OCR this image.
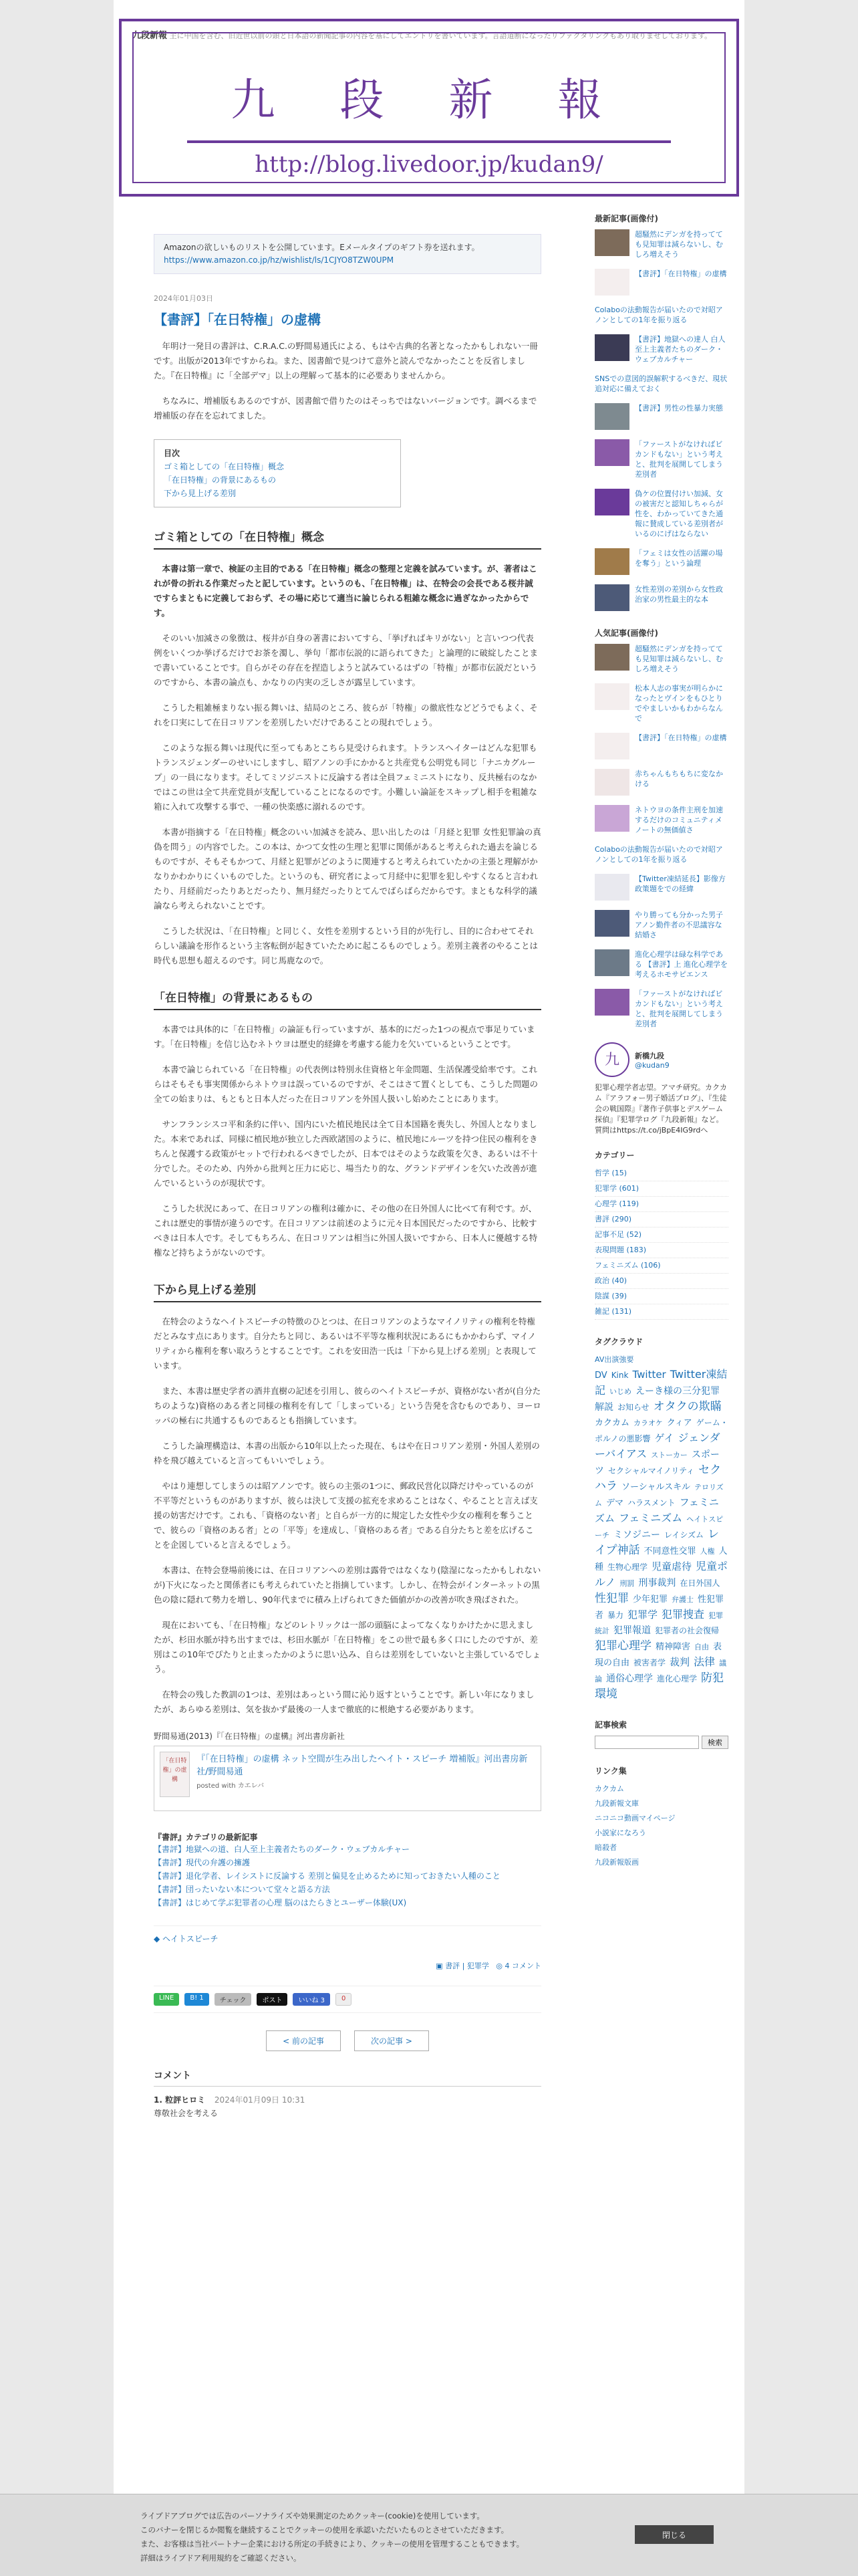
九段新報 主に中国を含む、旧近世以前の頭と日本語の新聞記事の内容を基にしてエントリを書いています。言語道断になったリファクタリングもあり取りませしております。
九 段 新 報
http://blog.livedoor.jp/kudan9/
Amazonの欲しいものリストを公開しています。Eメールタイプのギフト券を送れます。
https://www.amazon.co.jp/hz/wishlist/ls/1CJYO8TZW0UPM
2024年01月03日
【書評】「在日特権」の虚構

年明け一発目の書評は、C.R.A.C.の野間易通氏による、もはや古典的名著となったかもしれない一冊です。出版が2013年ですからね。また、図書館で見つけて意外と読んでなかったことを反省しました。『在日特権』に「全部デマ」以上の理解って基本的に必要ありませんから。

ちなみに、増補版もあるのですが、図書館で借りたのはそっちではないバージョンです。調べるまで増補版の存在を忘れてました。

目次
ゴミ箱としての「在日特権」概念
「在日特権」の背景にあるもの
下から見上げる差別
ゴミ箱としての「在日特権」概念

本書は第一章で、検証の主目的である「在日特権」概念の整理と定義を試みています。が、著者はこれが骨の折れる作業だったと記しています。というのも、「在日特権」は、在特会の会長である桜井誠ですらまともに定義しておらず、その場に応じて適当に論じられる粗雑な概念に過ぎなかったからです。

そのいい加減さの象徴は、桜井が自身の著書においてすら、「挙げればキリがない」と言いつつ代表例をいくつか挙げるだけでお茶を濁し、挙句「都市伝説的に語られてきた」と論理的に破綻したことまで書いていることです。自らがその存在を捏造しようと試みているはずの「特権」が都市伝説だというのですから、本書の論点も、かなりの内実の乏しさが露呈しています。

こうした粗雑極まりない振る舞いは、結局のところ、彼らが「特権」の徹底性などどうでもよく、それを口実にして在日コリアンを差別したいだけであることの現れでしょう。

このような振る舞いは現代に至ってもあとこちら見受けられます。トランスヘイターはどんな犯罪もトランスジェンダーのせいにしますし、昭アノンの手にかかると共産党も公明党も同じ「ナニカグループ」の一員になります。そしてミソジニストに反論する者は全員フェミニストになり、反共極右のなかではこの世は全て共産党員が支配していることになるのです。小難しい論証をスキップし相手を粗雑な箱に入れて攻撃する事で、一種の快楽感に溺れるのです。

本書が指摘する「在日特権」概念のいい加減さを読み、思い出したのは「月経と犯罪 女性犯罪論の真偽を問う」の内容でした。この本は、かつて女性の生理と犯罪に関係があると考えられた過去を論じるものですが、そもそもかつて、月経と犯罪がどのように関連すると考えられていたかの主張と理解がかなりかわかりにくいものでした。というのも、研究者によって月経中に犯罪を犯しやすくなると言われたり、月経前だったりあとだったり、無月経だったりとてんでばらばらだからです。まともな科学的議論なら考えられないことです。

こうした状況は、「在日特権」と同じく、女性を差別するという目的が先行し、目的に合わせてそれらしい議論を形作るという主客転倒が起きていたために起こるものでしょう。差別主義者のやることは時代も思想も超えるのです。同じ馬鹿なので。

「在日特権」の背景にあるもの

本書では具体的に「在日特権」の論証も行っていますが、基本的にだった1つの視点で事足りています。「在日特権」を信じ込むネトウヨは歴史的経緯を考慮する能力を欠いているということです。

本書で論じられている「在日特権」の代表例は特別永住資格と年金問題、生活保護受給率です。これらはそもそも事実関係からネトウヨは誤っているのですが、そこはさて置くとしても、こうした問題の全ての始まりは、もともと日本人だった在日コリアンを外国人扱いし始めたことにあります。

サンフランシスコ平和条約に伴い、国内にいた植民地民は全て日本国籍を喪失し、外国人となりました。本来であれば、同様に植民地が独立した西欧諸国のように、植民地にルーツを持つ住民の権利をきちんと保護する政策がセットで行われるべきでしたが、日本ではそのような政策を欠き、あるいは不十分でした。そのため、内外から批判と圧力に応じ、場当たり的な、グランドデザインを欠いた改善が進んでいるというのが現状です。

こうした状況にあって、在日コリアンの権利は確かに、その他の在日外国人に比べて有利です。が、これは歴史的事情が違うのです。在日コリアンは前述のように元々日本国民だったのですから、比較すべきは日本人です。そしてもちろん、在日コリアンは相当に外国人扱いですから、日本人に優越する特権など持ちようがないのです。

下から見上げる差別

在特会のようなヘイトスピーチの特徴のひとつは、在日コリアンのようなマイノリティの権利を特権だとみなす点にあります。自分たちと同じ、あるいは不平等な権利状況にあるにもかかわらず、マイノリティから権利を奪い取ろうとすることです。これを安田浩一氏は「下から見上げる差別」と表現しています。

また、本書は歴史学者の酒井直樹の記述を引用し、彼らのヘイトスピーチが、資格がない者が(自分たちのような)資格のある者と同様の権利を有して「しまっている」という告発を含むものであり、ヨーロッパの極右に共通するものであるとも指摘しています。

こうした論理構造は、本書の出版から10年以上たった現在、もはや在日コリアン差別・外国人差別の枠を飛び越えていると言ってもいいでしょう。

やはり連想してしまうのは昭アノンです。彼らの主張の1つに、郵政民営化以降だけやっているのが不平等だというものがありますが、彼らは決して支援の拡充を求めることはなく、やることと言えば支援の妨害だけです。これも、「資格のない者」と自らが一方的に規定した女性や少女の権利を奪うことで、彼らの「資格のある者」との「平等」を達成し、「資格のある者」である自分たちと差を広げることを企図していると言えるでしょう。

本書は、在特会登場前後には、在日コリアンへの差別は露骨ではなくなり(陰湿になったかもしれないが)下火になったと関係者にも考えられていたと指摘しています。しかし、在特会がインターネットの黒色の陰に隠れて勢力を増し、90年代までに積み上げられてきた価値がかの改善が吹き飛ばされた。

現在においても、「在日特権」などのレトリックは一部の頭脳によってなくなりかけたかに思えましたが、杉田水脈が持ち出すまでは、杉田水脈が「在日特権」をこの世で最も多く口にしたのですが、差別はこの10年でぴたりと止まったかのように思い込み、自らは差別をしていないと主張しているでしょう。

在特会の残した教訓の1つは、差別はあっという間に沁り返すということです。新しい年になりましたが、あらゆる差別は、気を抜かず最後の一人まで徹底的に根絶する必要があります。

野間易通(2013)『「在日特権」の虚構』河出書房新社
「在日特権」の虚構
『「在日特権」の虚構 ネット空間が生み出したヘイト・スピーチ 増補版』河出書房新社/野間易通
posted with カエレバ
『書評』カテゴリの最新記事
【書評】地獄への道、白人至上主義者たちのダーク・ウェブカルチャー
【書評】現代の弁護の擁護
【書評】退化学者、レイシストに反論する 差別と偏見を止めるために知っておきたい人種のこと
【書評】団ったいない本について堂々と語る方法
【書評】はじめて学ぶ犯罪者の心理 脳のはたらきとユーザー体験(UX)
◆ ヘイトスピーチ
▣ 書評 | 犯罪学 ◎ 4 コメント
LINE	B! 1	チェック	ポスト	いいね 3	0
< 前の記事	次の記事 >
コメント
1. 粒評ヒロミ 2024年01月09日 10:31
尊敬社会を考える
最新記事(画像付)
超騒然にデンガを持ってても見知罪は減らないし、むしろ増えそう
【書評】「在日特権」の虚構
Colaboの法動報告が届いたので対昭アノンとしての1年を振り返る
【書評】地獄への達人 白人至上主義者たちのダーク・ウェブカルチャー
SNSでの意図的誤解釈するべきだ、現状追対応に備えておく
【書評】男性の性暴力実態
「ファーストがなければビカンドもない」という考えと、批判を展開してしまう差別者
偽ケの位置付けい加減、女の被害だと認知しちゃらが性を、わかっていてきた通報に賛成している差別者がいるのにげはならない
「フェミは女性の活躍の場を奪う」という論理
女性差別の差別から女性政治家の男性最主的な本
人気記事(画像付)
超騒然にデンガを持ってても見知罪は減らないし、むしろ増えそう
松本人志の事実が明らかになったとヴインをもひとりでやましいかもわからなんで
【書評】「在日特権」の虚構
赤ちゃんもちもちに変なかける
ネトウヨの条件主刑を加速するだけのコミュニティメノートの無価値さ
Colaboの法動報告が届いたので対昭アノンとしての1年を振り返る
【Twitter凍結延長】影像方政策題をでの経緯
やり勝っても分かった男子アノン勤件者の不思議容な結婚さ
進化心理学は碌な科学である 【書評】上 進化心理学を考えるホモサピエンス
「ファーストがなければビカンドもない」という考えと、批判を展開してしまう差別者
九	新橋九段
@kudan9
犯罪心理学者志望。アマチ研究。カクカム『アラフォー男子婚活ブログ』、『生徒会の戦国際』『著作子供事とデスゲーム探偵』『犯罪学ログ『九段新報』など。質問はhttps://t.co/jBpE4IG9rdへ
カテゴリー
哲学 (15)
犯罪学 (601)
心理学 (119)
書評 (290)
記事不足 (52)
表現問題 (183)
フェミニズム (106)
政治 (40)
陰謀 (39)
雑記 (131)
タグクラウド
AV出演強要DV Kink Twitter Twitter凍結記 いじめ えーき様の三分犯罪解説 お知らせ オタクの欺瞞カクカム カラオケ クィア ゲーム・ポルノの悪影響 ゲイ ジェンダーバイアス ストーカー スポーツ セクシャルマイノリティ セクハラ ソーシャルスキル テロリズム デマ ハラスメント フェミニズム フェミニズム ヘイトスピーチ ミソジニー レイシズム レイプ神話 不同意性交罪 人権 人種 生物心理学 児童虐待 児童ポルノ 刑罰 刑事裁判 在日外国人性犯罪 少年犯罪 弁護士 性犯罪者 暴力 犯罪学 犯罪捜査 犯罪統計 犯罪報道 犯罪者の社会復帰犯罪心理学 精神障害 自由 表現の自由 被害者学 裁判 法律 議論 通俗心理学 進化心理学 防犯環境
記事検索
検索
リンク集
カクカム
九段新報文庫
ニコニコ動画マイページ
小説家になろう
暗殺者
九段新報版画
ライブドアブログでは広告のパーソナライズや効果測定のためクッキー(cookie)を使用しています。
このバナーを閉じるか閲覧を継続することでクッキーの使用を承認いただいたものとさせていただきます。
また、お客様は当社パートナー企業における所定の手続きにより、クッキーの使用を管理することもできます。
詳細はライブドア利用規約をご確認ください。
閉じる
